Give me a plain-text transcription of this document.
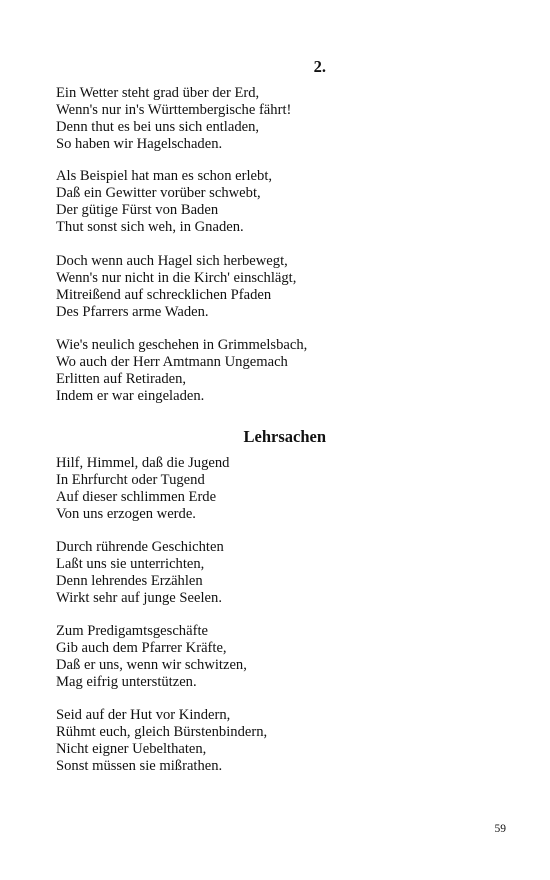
2.
Ein Wetter steht grad über der Erd,
Wenn's nur in's Württembergische fährt!
Denn thut es bei uns sich entladen,
So haben wir Hagelschaden.
Als Beispiel hat man es schon erlebt,
Daß ein Gewitter vorüber schwebt,
Der gütige Fürst von Baden
Thut sonst sich weh, in Gnaden.
Doch wenn auch Hagel sich herbewegt,
Wenn's nur nicht in die Kirch' einschlägt,
Mitreißend auf schrecklichen Pfaden
Des Pfarrers arme Waden.
Wie's neulich geschehen in Grimmelsbach,
Wo auch der Herr Amtmann Ungemach
Erlitten auf Retiraden,
Indem er war eingeladen.
Lehrsachen
Hilf, Himmel, daß die Jugend
In Ehrfurcht oder Tugend
Auf dieser schlimmen Erde
Von uns erzogen werde.
Durch rührende Geschichten
Laßt uns sie unterrichten,
Denn lehrendes Erzählen
Wirkt sehr auf junge Seelen.
Zum Predigamtsgeschäfte
Gib auch dem Pfarrer Kräfte,
Daß er uns, wenn wir schwitzen,
Mag eifrig unterstützen.
Seid auf der Hut vor Kindern,
Rühmt euch, gleich Bürstenbindern,
Nicht eigner Uebelthaten,
Sonst müssen sie mißrathen.
59
